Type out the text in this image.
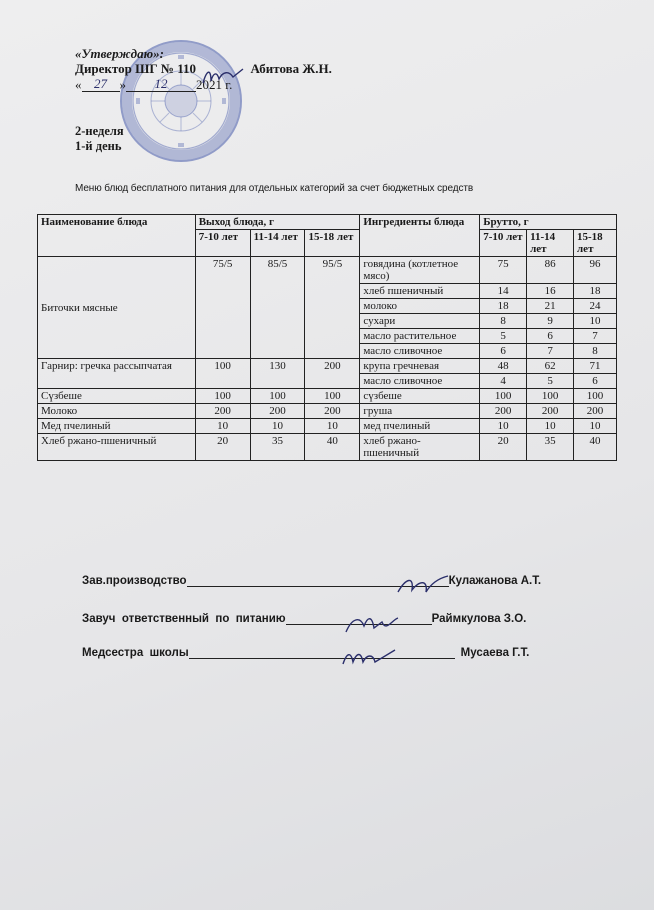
«Утверждаю»:
Директор ШГ № 110	Абитова Ж.Н.
« 27 » 12 2021 г.
2-неделя
1-й день
Меню блюд бесплатного питания для отдельных категорий за счет бюджетных средств
Наименование блюда	Выход блюда, г			Ингредиенты блюда	Брутто, г		
	7-10 лет	11-14 лет	15-18 лет		7-10 лет	11-14 лет	15-18 лет
Биточки мясные	75/5	85/5	95/5	говядина (котлетное мясо)	75	86	96
				хлеб пшеничный	14	16	18
				молоко	18	21	24
				сухари	8	9	10
				масло растительное	5	6	7
				масло сливочное	6	7	8
Гарнир: гречка рассыпчатая	100	130	200	крупа гречневая	48	62	71
				масло сливочное	4	5	6
Сүзбеше	100	100	100	сүзбеше	100	100	100
Молоко	200	200	200	груша	200	200	200
Мед пчелиный	10	10	10	мед пчелиный	10	10	10
Хлеб ржано-пшеничный	20	35	40	хлеб ржано-пшеничный	20	35	40
Зав.производство	Кулажанова А.Т.
Завуч  ответственный  по  питанию	Раймкулова З.О.
Медсестра  школы	Мусаева Г.Т.
